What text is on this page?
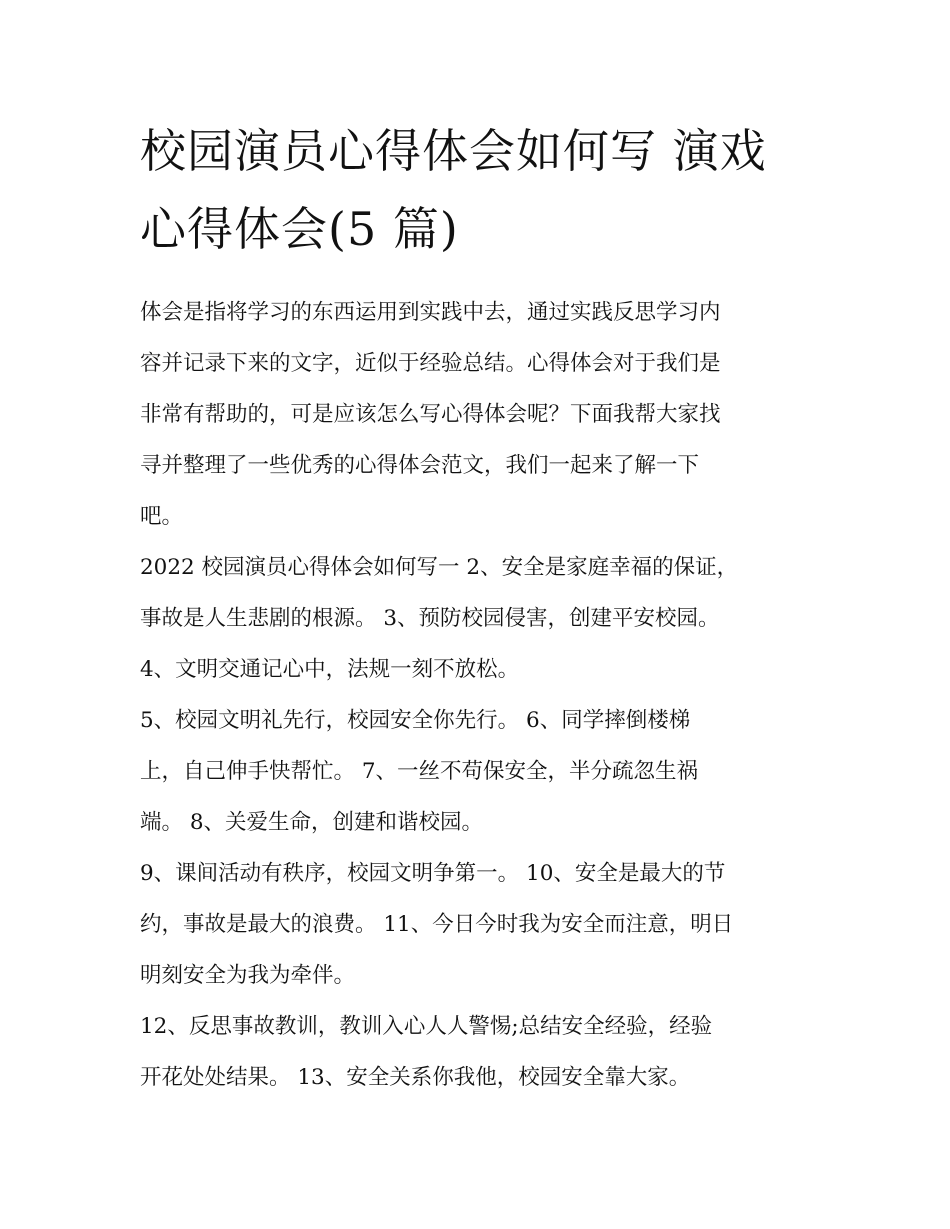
校园演员心得体会如何写 演戏
心得体会(5 篇)

体会是指将学习的东西运用到实践中去，通过实践反思学习内
容并记录下来的文字，近似于经验总结。心得体会对于我们是
非常有帮助的，可是应该怎么写心得体会呢？下面我帮大家找
寻并整理了一些优秀的心得体会范文，我们一起来了解一下
吧。

2022 校园演员心得体会如何写一 2、安全是家庭幸福的保证，
事故是人生悲剧的根源。 3、预防校园侵害，创建平安校园。

4、文明交通记心中，法规一刻不放松。

5、校园文明礼先行，校园安全你先行。 6、同学摔倒楼梯
上，自己伸手快帮忙。 7、一丝不苟保安全，半分疏忽生祸
端。 8、关爱生命，创建和谐校园。

9、课间活动有秩序，校园文明争第一。 10、安全是最大的节
约，事故是最大的浪费。 11、今日今时我为安全而注意，明日
明刻安全为我为牵伴。

12、反思事故教训，教训入心人人警惕;总结安全经验，经验
开花处处结果。 13、安全关系你我他，校园安全靠大家。
